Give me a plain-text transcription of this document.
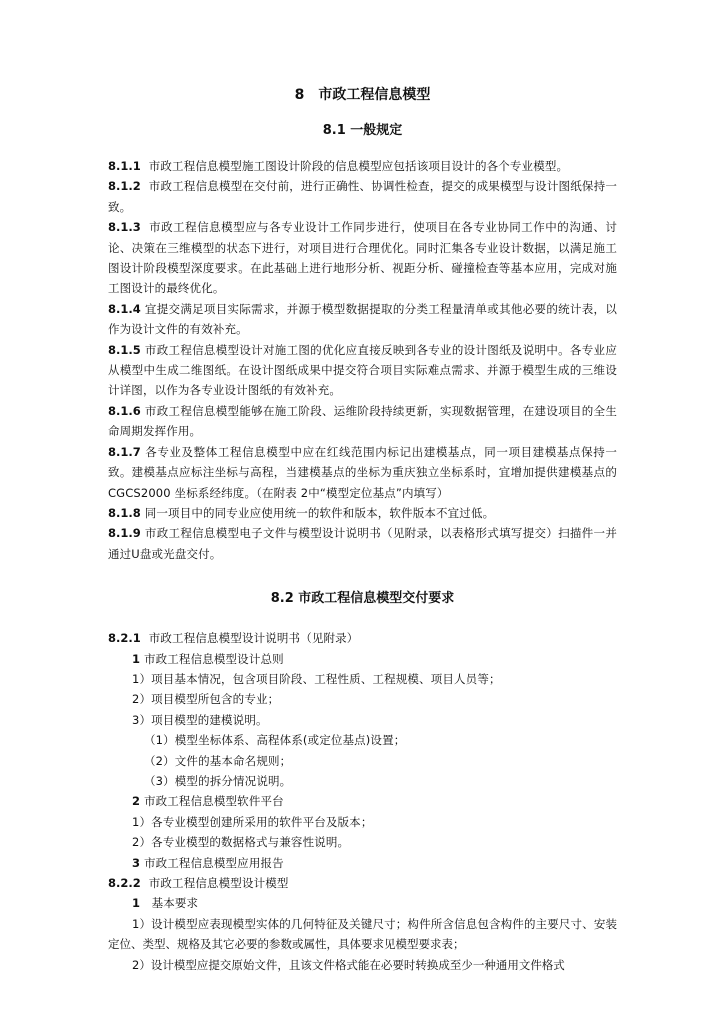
8　市政工程信息模型
8.1 一般规定
8.1.1 市政工程信息模型施工图设计阶段的信息模型应包括该项目设计的各个专业模型。
8.1.2 市政工程信息模型在交付前，进行正确性、协调性检查，提交的成果模型与设计图纸保持一致。
8.1.3 市政工程信息模型应与各专业设计工作同步进行，使项目在各专业协同工作中的沟通、讨论、决策在三维模型的状态下进行，对项目进行合理优化。同时汇集各专业设计数据，以满足施工图设计阶段模型深度要求。在此基础上进行地形分析、视距分析、碰撞检查等基本应用，完成对施工图设计的最终优化。
8.1.4 宜提交满足项目实际需求，并源于模型数据提取的分类工程量清单或其他必要的统计表，以作为设计文件的有效补充。
8.1.5 市政工程信息模型设计对施工图的优化应直接反映到各专业的设计图纸及说明中。各专业应从模型中生成二维图纸。在设计图纸成果中提交符合项目实际难点需求、并源于模型生成的三维设计详图，以作为各专业设计图纸的有效补充。
8.1.6 市政工程信息模型能够在施工阶段、运维阶段持续更新，实现数据管理，在建设项目的全生命周期发挥作用。
8.1.7 各专业及整体工程信息模型中应在红线范围内标记出建模基点，同一项目建模基点保持一致。建模基点应标注坐标与高程，当建模基点的坐标为重庆独立坐标系时，宜增加提供建模基点的CGCS2000 坐标系经纬度。（在附表 2中“模型定位基点”内填写）
8.1.8 同一项目中的同专业应使用统一的软件和版本，软件版本不宜过低。
8.1.9 市政工程信息模型电子文件与模型设计说明书（见附录，以表格形式填写提交）扫描件一并通过U盘或光盘交付。
8.2 市政工程信息模型交付要求
8.2.1 市政工程信息模型设计说明书（见附录）
1 市政工程信息模型设计总则
1）项目基本情况，包含项目阶段、工程性质、工程规模、项目人员等；
2）项目模型所包含的专业；
3）项目模型的建模说明。
（1）模型坐标体系、高程体系(或定位基点)设置；
（2）文件的基本命名规则；
（3）模型的拆分情况说明。
2 市政工程信息模型软件平台
1）各专业模型创建所采用的软件平台及版本；
2）各专业模型的数据格式与兼容性说明。
3 市政工程信息模型应用报告
8.2.2 市政工程信息模型设计模型
1 基本要求
1）设计模型应表现模型实体的几何特征及关键尺寸；构件所含信息包含构件的主要尺寸、安装定位、类型、规格及其它必要的参数或属性，具体要求见模型要求表；
2）设计模型应提交原始文件，且该文件格式能在必要时转换成至少一种通用文件格式
